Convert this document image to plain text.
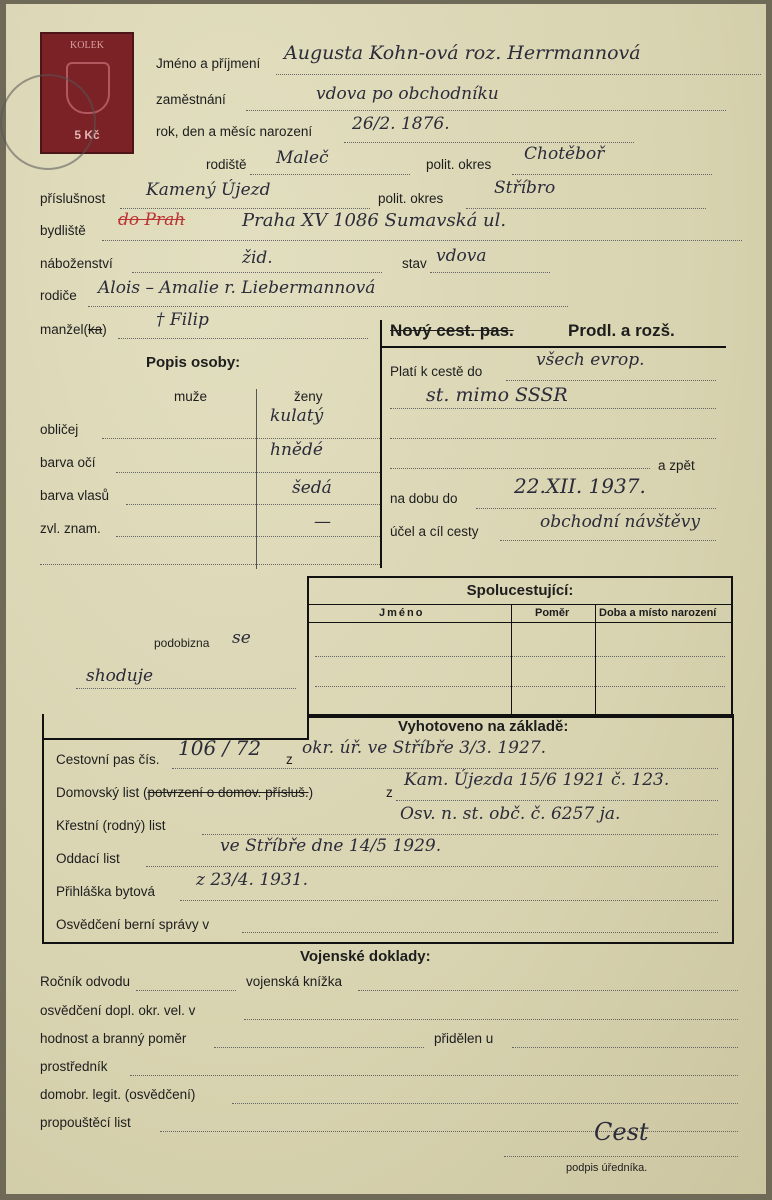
KOLEK
5 Kč
Jméno a příjmení Augusta Kohn-ová roz. Herrmannová
zaměstnání	vdova po obchodníku
rok, den a měsíc narození 26/2. 1876.
rodiště Maleč	polit. okres
Chotěboř
příslušnost Kamený Újezd	polit. okres
Stříbro
bydliště
do Prah	Praha XV 1086 Sumavská ul.
náboženství	žid.	stav vdova
rodiče Alois – Amalie r. Liebermannová
manžel(ka)	† Filip
Popis osoby:
muže	ženy
obličej
kulatý
barva očí
hnědé
barva vlasů	šedá
zvl. znam.	—
Nový cest. pas.	Prodl. a rozš.
Platí k cestě do
všech evrop.
st. mimo SSSR
a zpět
na dobu do
22.XII. 1937.
účel a cíl cesty	obchodní návštěvy
Spolucestující:
Jméno	Poměr	Doba a místo narození
podobizna se
shoduje
Vyhotoveno na základě:
Cestovní pas čís. 106 / 72 z
okr. úř. ve Stříbře 3/3. 1927.
Domovský list (potvrzení o domov. přísluš.)	z
Kam. Újezda 15/6 1921 č. 123.
Křestní (rodný) list
Osv. n. st. obč. č. 6257 ja.
Oddací list
ve Stříbře dne 14/5 1929.
Přihláška bytová
z 23/4. 1931.
Osvědčení berní správy v
Vojenské doklady:
Ročník odvodu	vojenská knížka
osvědčení dopl. okr. vel. v
hodnost a branný poměr	přidělen u
prostředník
domobr. legit. (osvědčení)
propouštěcí list	Cest
podpis úředníka.
